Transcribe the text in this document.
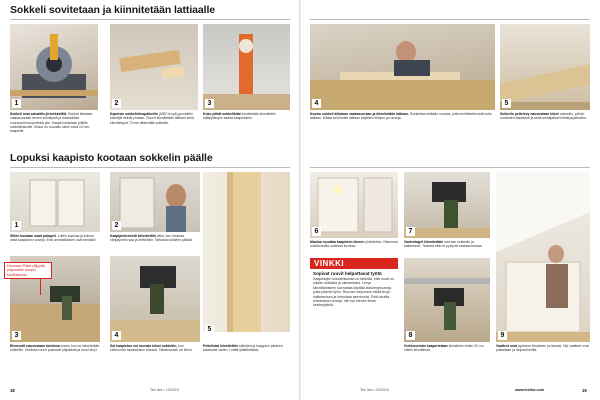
Sokkeli sovitetaan ja kiinnitetään lattiaalle
1	2	3

Sokkeli osat sahattiin jiirisirkkelillä. Sokkeli kiilataan vaakasuoraan ennen kiinnitystä ja mahdollista vuorausrimma pelteksi ylle. Kaapit nostetaan pitkille sokkelikiskoille. Kiskot on ruuvattu kiinni sekä 10 mm kaapeille.

Kapeiste sokkelielinspalkeliin (MDF-levyä) ginnidetin kävelijät seinät pintaan. Ruuvit kiinnitetään lattiaan sekä kiinnitettynä 70 mm liitännällä sokkeliin.

Koko pitkät sokkelikiiat kiinnitetään kiinnitettiin säätöjalkojen saada kaapistoihin.

Lopuksi kaapisto kootaan sokkelin päälle
1	2

Sitten kootaan saari palapeli. Ldelin sopivaa ja kulmia sekä kaapiston ruuveja. Ensi ammattilaisen osat tehdään.

Kaapipiekemielti kiinnitettiin välia, kun ruskeaa väripaperiin saa ja erittäinkin. Tarkasta sokkelin päästä.

3
Huomaa! Pitää väljyyttä yläpuolelle kaapin sovittaiseksi.
4

Elementit nauvustaan toisiinsa ennen kun ne kiinnitetään sokkeliin. Veloissa ruuvit pustoivat yläpäästä ja muut levyt.

Sol kaapiston voi ruuvata kiinni sokkeliin, kun elekuuvien tasoituksien edessä. Takasuoraan ne kiinni.

5

Peitelistat kiinnitettiin säleiden ja kaappien pituinen tasaisesti varten. Liittää ylätelkelistat.

18	Tee Itse • 10/2010
4	5

Kootru sokkeli kiilataan vaakasuoraan ja kiinnitetään lattiaan. Sokkelista etsitään muotoa, jotka kehitteettöminä kulut lattiaan. Kiilata tai kiinnitä lattiaan käyttäen kiilojen ja ruuveja.

Sokkelin peltelevy nauvustaan kiinni sokkeliin, joilloin nuoleiden tasaisesti ja sekä seinäpäiset kiinnityspaikoihin.

6	7
9

Mastoa muuttaa kaapiston ilmeen yhteiskivia. Vitsemme uusilla lasilla uudessa kuvissa.

Vantentaget kiinnitetään suoraan sokkeliin ja kaiteeseen. Tarkista että ne pysyvät vaakasuorassa.

VINKKI
Sopivat ruuvit helpottavat työtä
Kaapistojen kokoamisessa on tärkeää, että ruuvit on oikean mittaisia ja oikeanlaisia. Levyn kiinnittämiseen kannattaa käyttää lastulevyruuveja, jotka pitävät hyvin. Ruuvien esiporaus estää levyn halkeamisen ja helpottaa asennusta. Pidä varalla erikokoisia ruuveja, niin työ etenee ilman keskeytyksiä.
8

Verkkoseinän kaapertetaan kiinnitetiin viiden 20 cm välein kiinnittimet.

Vaatteet osat pyöreine ilmaiseen ja tasoksi. Nyt vaatteet ovat paikallaan ja helposti esillä.

Tee Itse • 10/2010	www.teeitse.com	19
